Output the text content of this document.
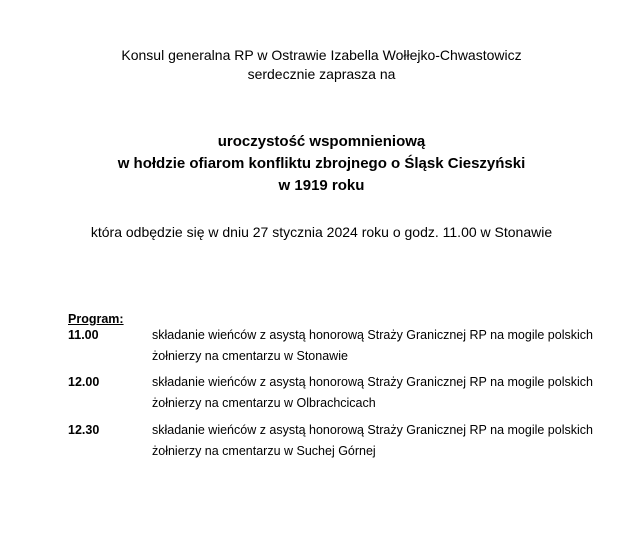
Konsul generalna RP w Ostrawie Izabella Wołłejko-Chwastowicz
serdecznie zaprasza na
uroczystość wspomnieniową
w hołdzie ofiarom konfliktu zbrojnego o Śląsk Cieszyński
w 1919 roku
która odbędzie się w dniu 27 stycznia 2024 roku o godz. 11.00 w Stonawie
Program:
11.00	składanie wieńców z asystą honorową Straży Granicznej RP na mogile polskich
żołnierzy na cmentarzu w Stonawie
12.00	składanie wieńców z asystą honorową Straży Granicznej RP na mogile polskich
żołnierzy na cmentarzu w Olbrachcicach
12.30	składanie wieńców z asystą honorową Straży Granicznej RP na mogile polskich
żołnierzy na cmentarzu w Suchej Górnej
